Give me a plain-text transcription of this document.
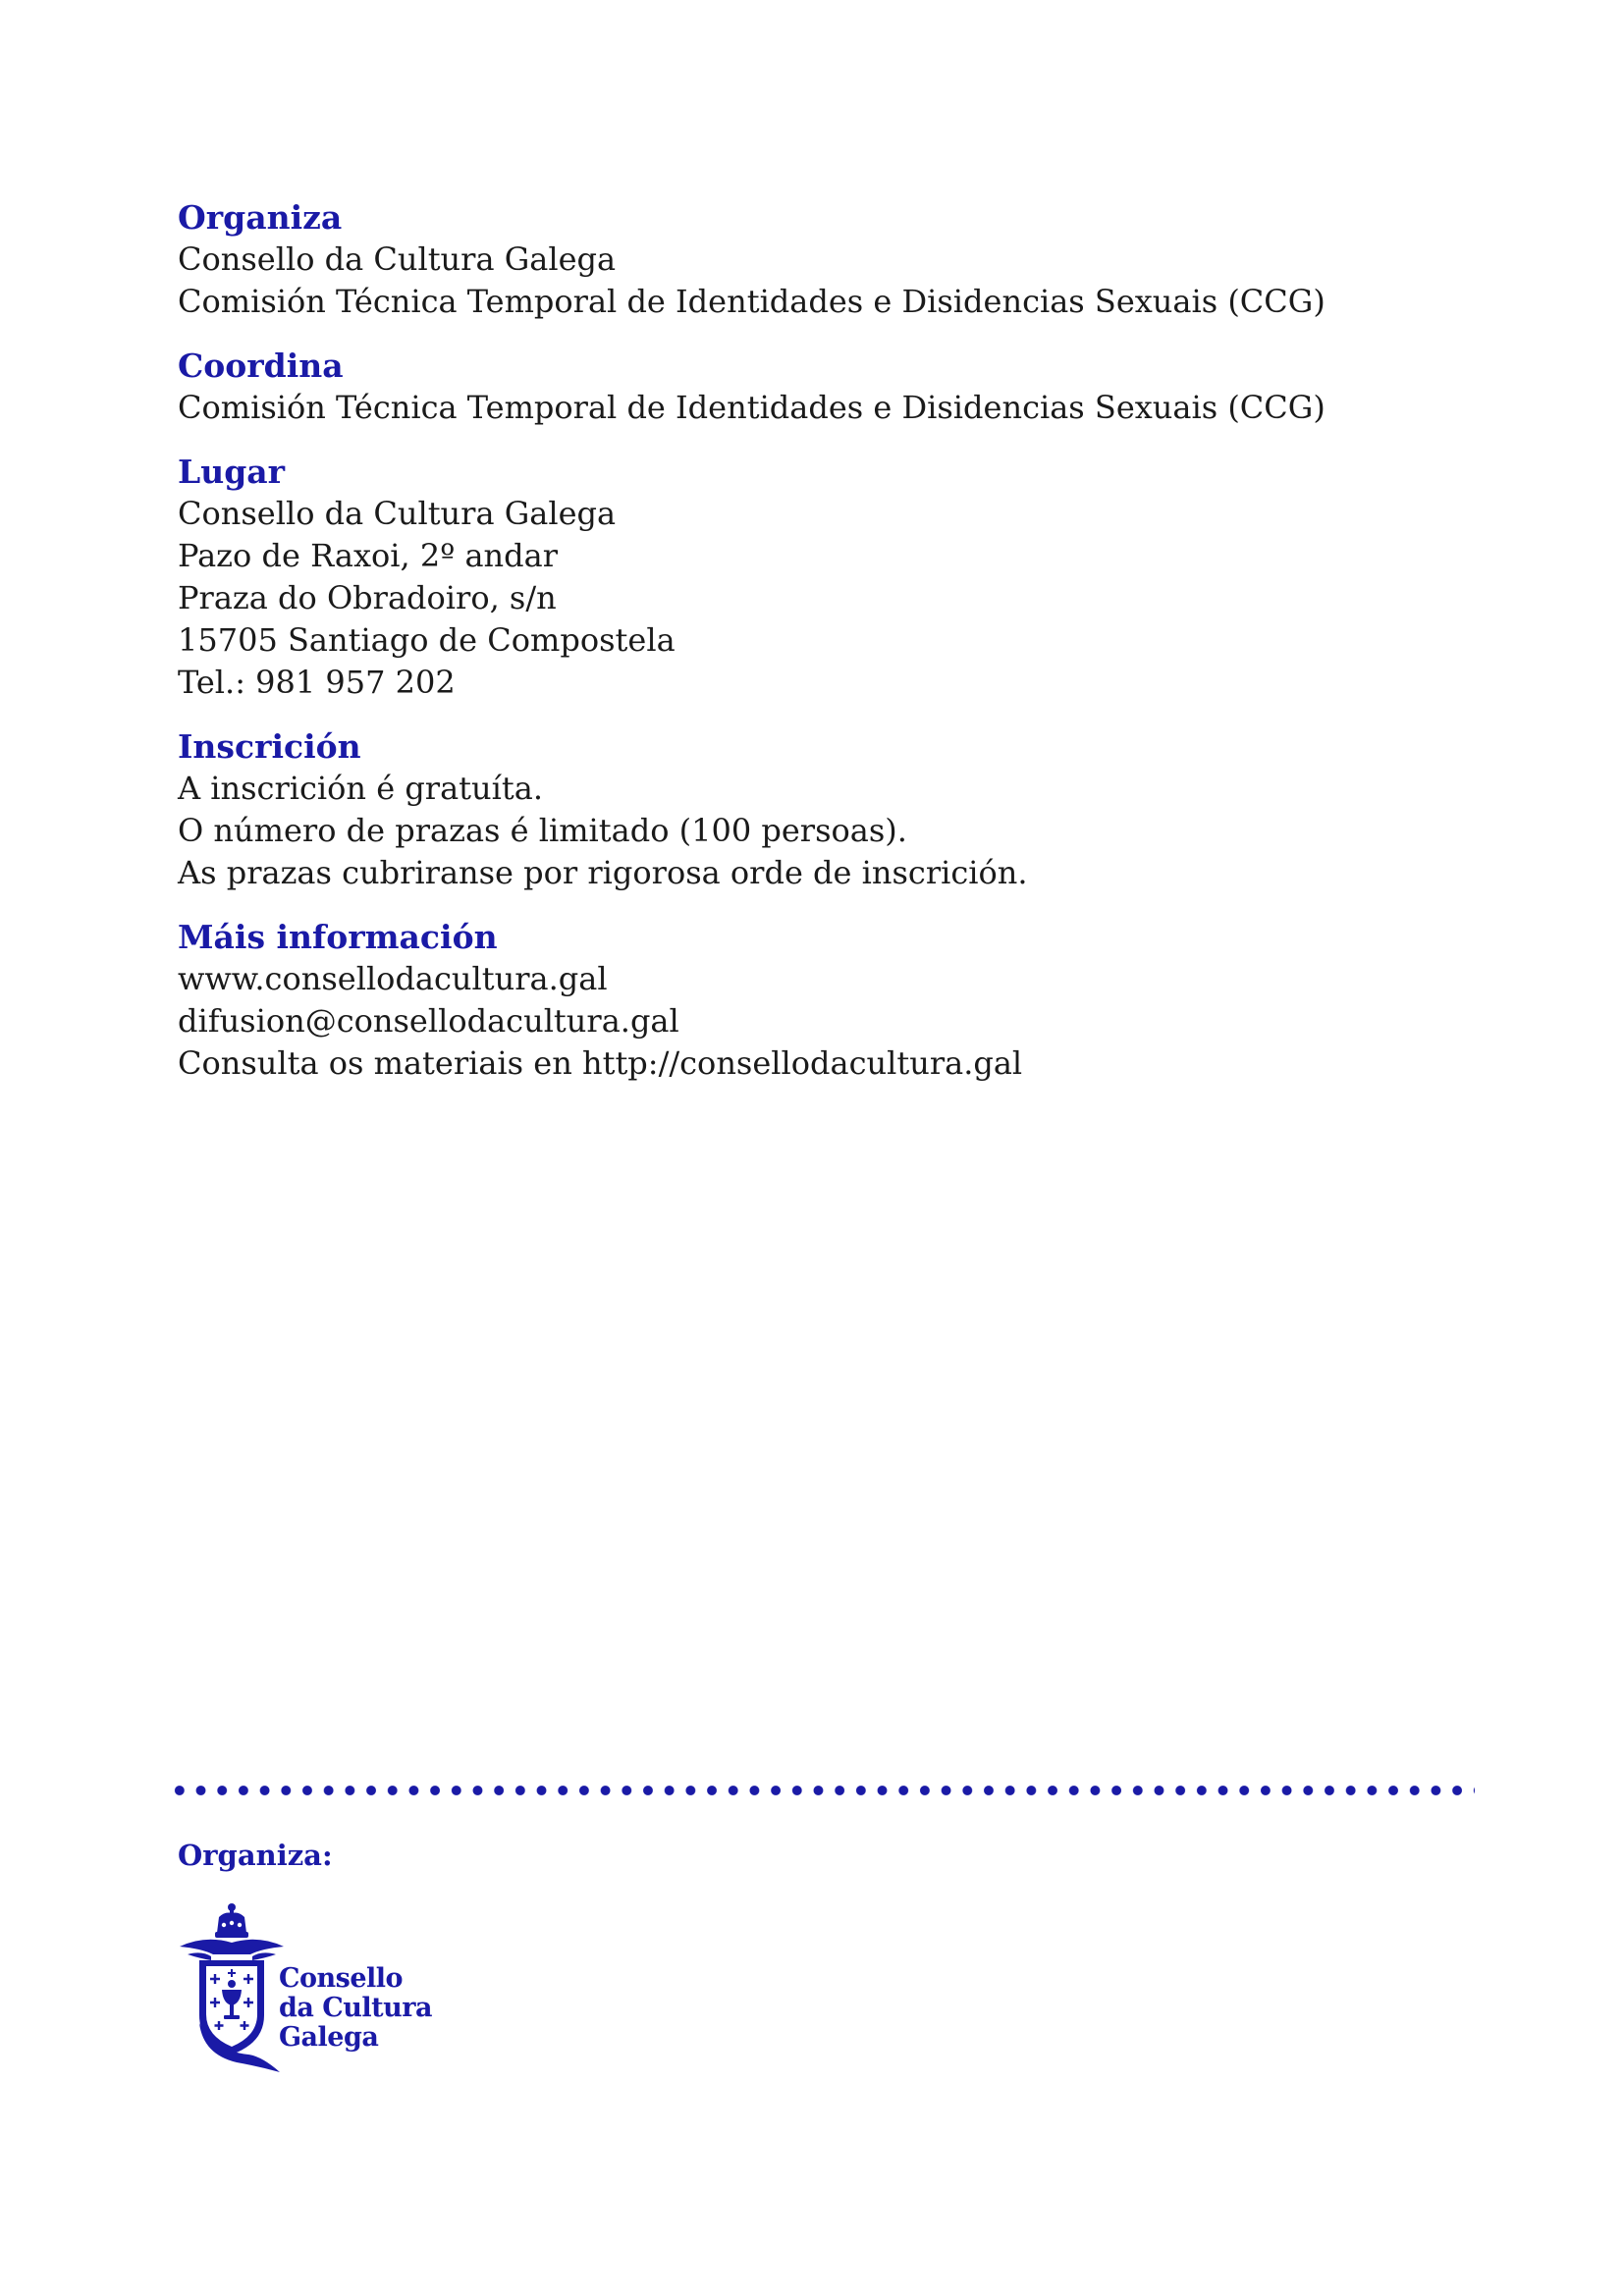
Organiza

Consello da Cultura Galega

Comisión Técnica Temporal de Identidades e Disidencias Sexuais (CCG)

Coordina

Comisión Técnica Temporal de Identidades e Disidencias Sexuais (CCG)

Lugar

Consello da Cultura Galega

Pazo de Raxoi, 2º andar

Praza do Obradoiro, s/n

15705 Santiago de Compostela

Tel.: 981 957 202

Inscrición

A inscrición é gratuíta.

O número de prazas é limitado (100 persoas).

As prazas cubriranse por rigorosa orde de inscrición.

Máis información

www.consellodacultura.gal

difusion@consellodacultura.gal

Consulta os materiais en http://consellodacultura.gal

Organiza:

Consello
da Cultura
Galega
